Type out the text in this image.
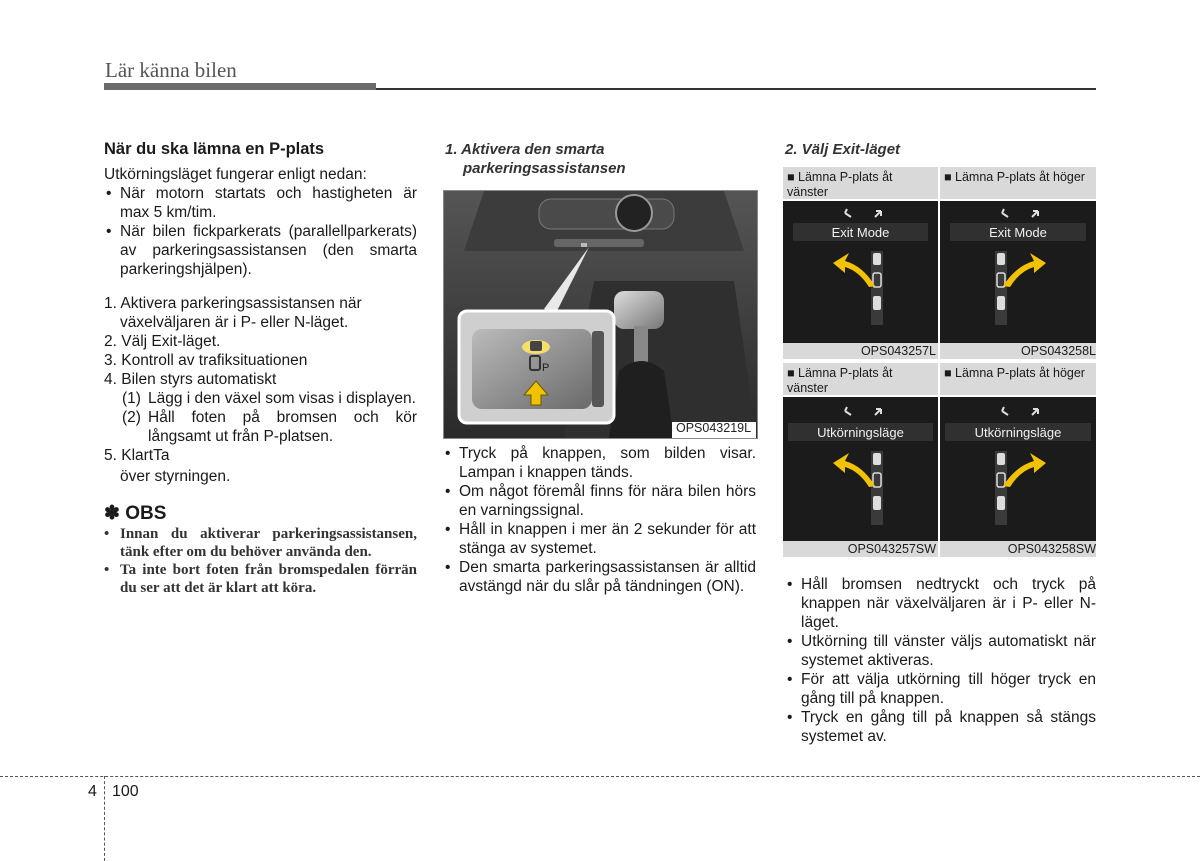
Lär känna bilen
När du ska lämna en P-plats
Utkörningsläget fungerar enligt nedan:
• När motorn startats och hastigheten är max 5 km/tim.
• När bilen fickparkerats (parallellparkerats) av parkeringsassistansen (den smarta parkeringshjälpen).
1. Aktivera parkeringsassistansen när
växelväljaren är i P- eller N-läget.
2. Välj Exit-läget.
3. Kontroll av trafiksituationen
4. Bilen styrs automatiskt
(1) Lägg i den växel som visas i displayen.
(2) Håll foten på bromsen och kör långsamt ut från P-platsen.
5. KlartTa
över styrningen.
✽ OBS
• Innan du aktiverar parkeringsassistansen, tänk efter om du behöver använda den.
• Ta inte bort foten från bromspedalen förrän du ser att det är klart att köra.
1. Aktivera den smarta
parkeringsassistansen
P
OPS043219L
• Tryck på knappen, som bilden visar. Lampan i knappen tänds.
• Om något föremål finns för nära bilen hörs en varningssignal.
• Håll in knappen i mer än 2 sekunder för att stänga av systemet.
• Den smarta parkeringsassistansen är alltid avstängd när du slår på tändningen (ON).
2. Välj Exit-läget
■ Lämna P-plats åt vänster
■ Lämna P-plats åt höger
Exit Mode	Exit Mode
OPS043257L	OPS043258L
■ Lämna P-plats åt vänster
■ Lämna P-plats åt höger
Utkörningsläge	Utkörningsläge
OPS043257SW	OPS043258SW
• Håll bromsen nedtryckt och tryck på knappen när växelväljaren är i P- eller N-läget.
• Utkörning till vänster väljs automatiskt när systemet aktiveras.
• För att välja utkörning till höger tryck en gång till på knappen.
• Tryck en gång till på knappen så stängs systemet av.
4 100
